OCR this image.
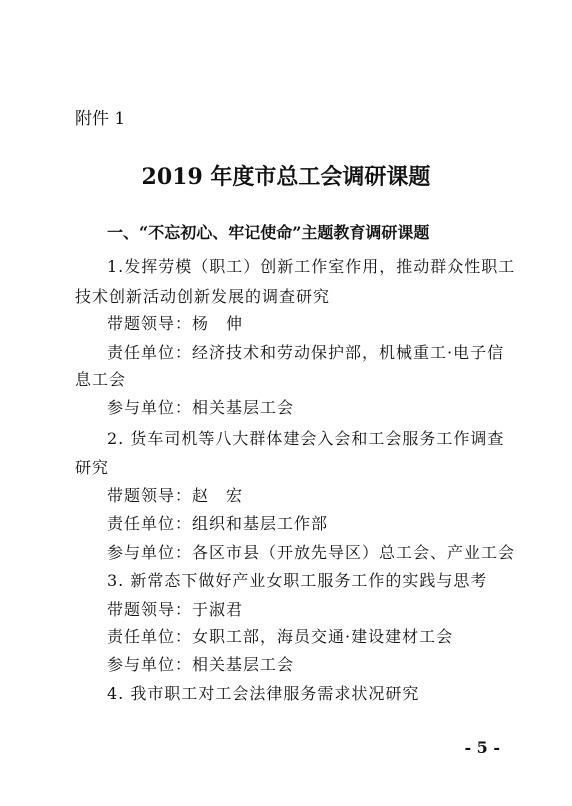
附件 1
2019 年度市总工会调研课题
一、“不忘初心、牢记使命”主题教育调研课题
1.发挥劳模（职工）创新工作室作用，推动群众性职工
技术创新活动创新发展的调查研究
带题领导：杨　伸
责任单位：经济技术和劳动保护部，机械重工·电子信
息工会
参与单位：相关基层工会
2. 货车司机等八大群体建会入会和工会服务工作调查
研究
带题领导：赵　宏
责任单位：组织和基层工作部
参与单位：各区市县（开放先导区）总工会、产业工会
3. 新常态下做好产业女职工服务工作的实践与思考
带题领导：于淑君
责任单位：女职工部，海员交通·建设建材工会
参与单位：相关基层工会
4. 我市职工对工会法律服务需求状况研究
- 5 -
